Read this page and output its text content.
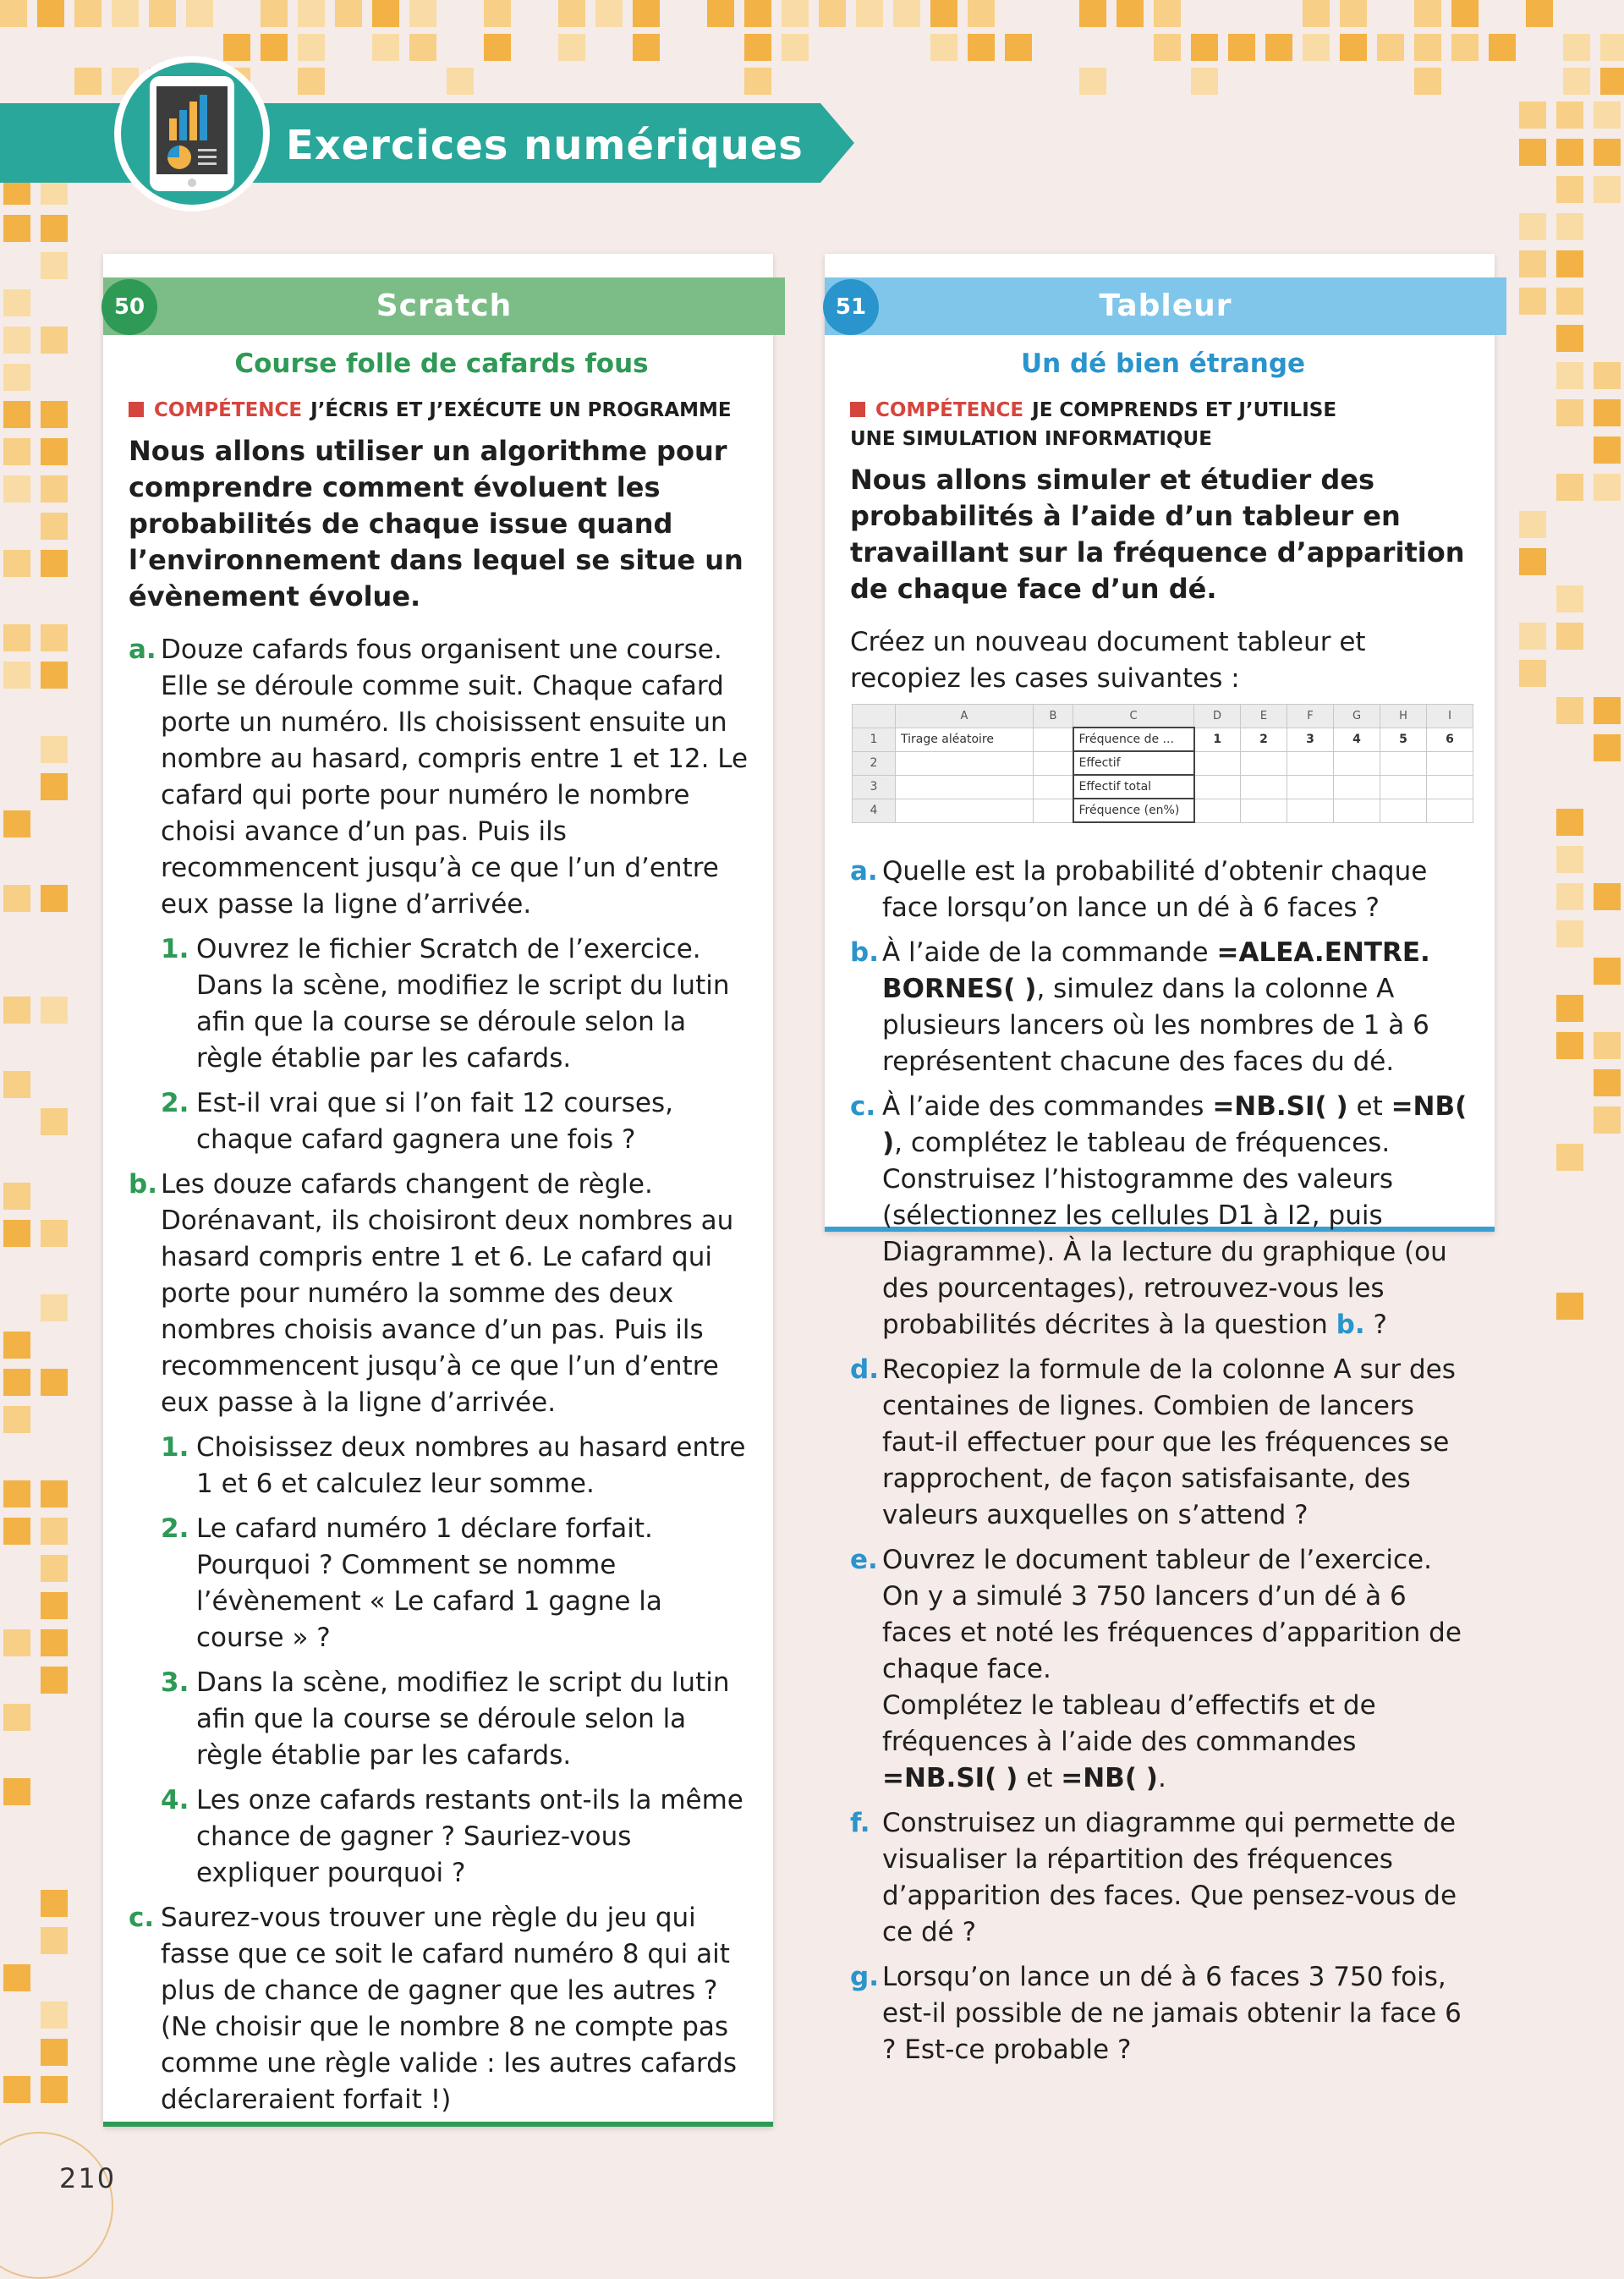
Exercices numériques
50	Scratch
Course folle de cafards fous
COMPÉTENCE J’ÉCRIS ET J’EXÉCUTE UN PROGRAMME
Nous allons utiliser un algorithme pour comprendre comment évoluent les probabilités de chaque issue quand l’environnement dans lequel se situe un évènement évolue.
a. Douze cafards fous organisent une course. Elle se déroule comme suit. Chaque cafard porte un numéro. Ils choisissent ensuite un nombre au hasard, compris entre 1 et 12. Le cafard qui porte pour numéro le nombre choisi avance d’un pas. Puis ils recommencent jusqu’à ce que l’un d’entre eux passe la ligne d’arrivée.
1. Ouvrez le fichier Scratch de l’exercice. Dans la scène, modifiez le script du lutin afin que la course se déroule selon la règle établie par les cafards.
2. Est-il vrai que si l’on fait 12 courses, chaque cafard gagnera une fois ?
b. Les douze cafards changent de règle. Dorénavant, ils choisiront deux nombres au hasard compris entre 1 et 6. Le cafard qui porte pour numéro la somme des deux nombres choisis avance d’un pas. Puis ils recommencent jusqu’à ce que l’un d’entre eux passe à la ligne d’arrivée.
1. Choisissez deux nombres au hasard entre 1 et 6 et calculez leur somme.
2. Le cafard numéro 1 déclare forfait. Pourquoi ? Comment se nomme l’évènement « Le cafard 1 gagne la course » ?
3. Dans la scène, modifiez le script du lutin afin que la course se déroule selon la règle établie par les cafards.
4. Les onze cafards restants ont-ils la même chance de gagner ? Sauriez-vous expliquer pourquoi ?
c. Saurez-vous trouver une règle du jeu qui fasse que ce soit le cafard numéro 8 qui ait plus de chance de gagner que les autres ? (Ne choisir que le nombre 8 ne compte pas comme une règle valide : les autres cafards déclareraient forfait !)
51	Tableur
Un dé bien étrange
COMPÉTENCE JE COMPRENDS ET J’UTILISE
UNE SIMULATION INFORMATIQUE
Nous allons simuler et étudier des probabilités à l’aide d’un tableur en travaillant sur la fréquence d’apparition de chaque face d’un dé.
Créez un nouveau document tableur et recopiez les cases suivantes :
	A	B	C	D	E	F	G	H	I
1	Tirage aléatoire		Fréquence de ...	1	2	3	4	5	6
2			Effectif						
3			Effectif total						
4			Fréquence (en%)						
a. Quelle est la probabilité d’obtenir chaque face lorsqu’on lance un dé à 6 faces ?
b. À l’aide de la commande =ALEA.ENTRE. BORNES( ), simulez dans la colonne A plusieurs lancers où les nombres de 1 à 6 représentent chacune des faces du dé.
c. À l’aide des commandes =NB.SI( ) et =NB( ), complétez le tableau de fréquences. Construisez l’histogramme des valeurs (sélectionnez les cellules D1 à I2, puis Diagramme). À la lecture du graphique (ou des pourcentages), retrouvez-vous les probabilités décrites à la question b. ?
d. Recopiez la formule de la colonne A sur des centaines de lignes. Combien de lancers faut-il effectuer pour que les fréquences se rapprochent, de façon satisfaisante, des valeurs auxquelles on s’attend ?
e. Ouvrez le document tableur de l’exercice. On y a simulé 3 750 lancers d’un dé à 6 faces et noté les fréquences d’apparition de chaque face.
Complétez le tableau d’effectifs et de fréquences à l’aide des commandes =NB.SI( ) et =NB( ).
f. Construisez un diagramme qui permette de visualiser la répartition des fréquences d’apparition des faces. Que pensez-vous de ce dé ?
g. Lorsqu’on lance un dé à 6 faces 3 750 fois, est-il possible de ne jamais obtenir la face 6 ? Est-ce probable ?
210
